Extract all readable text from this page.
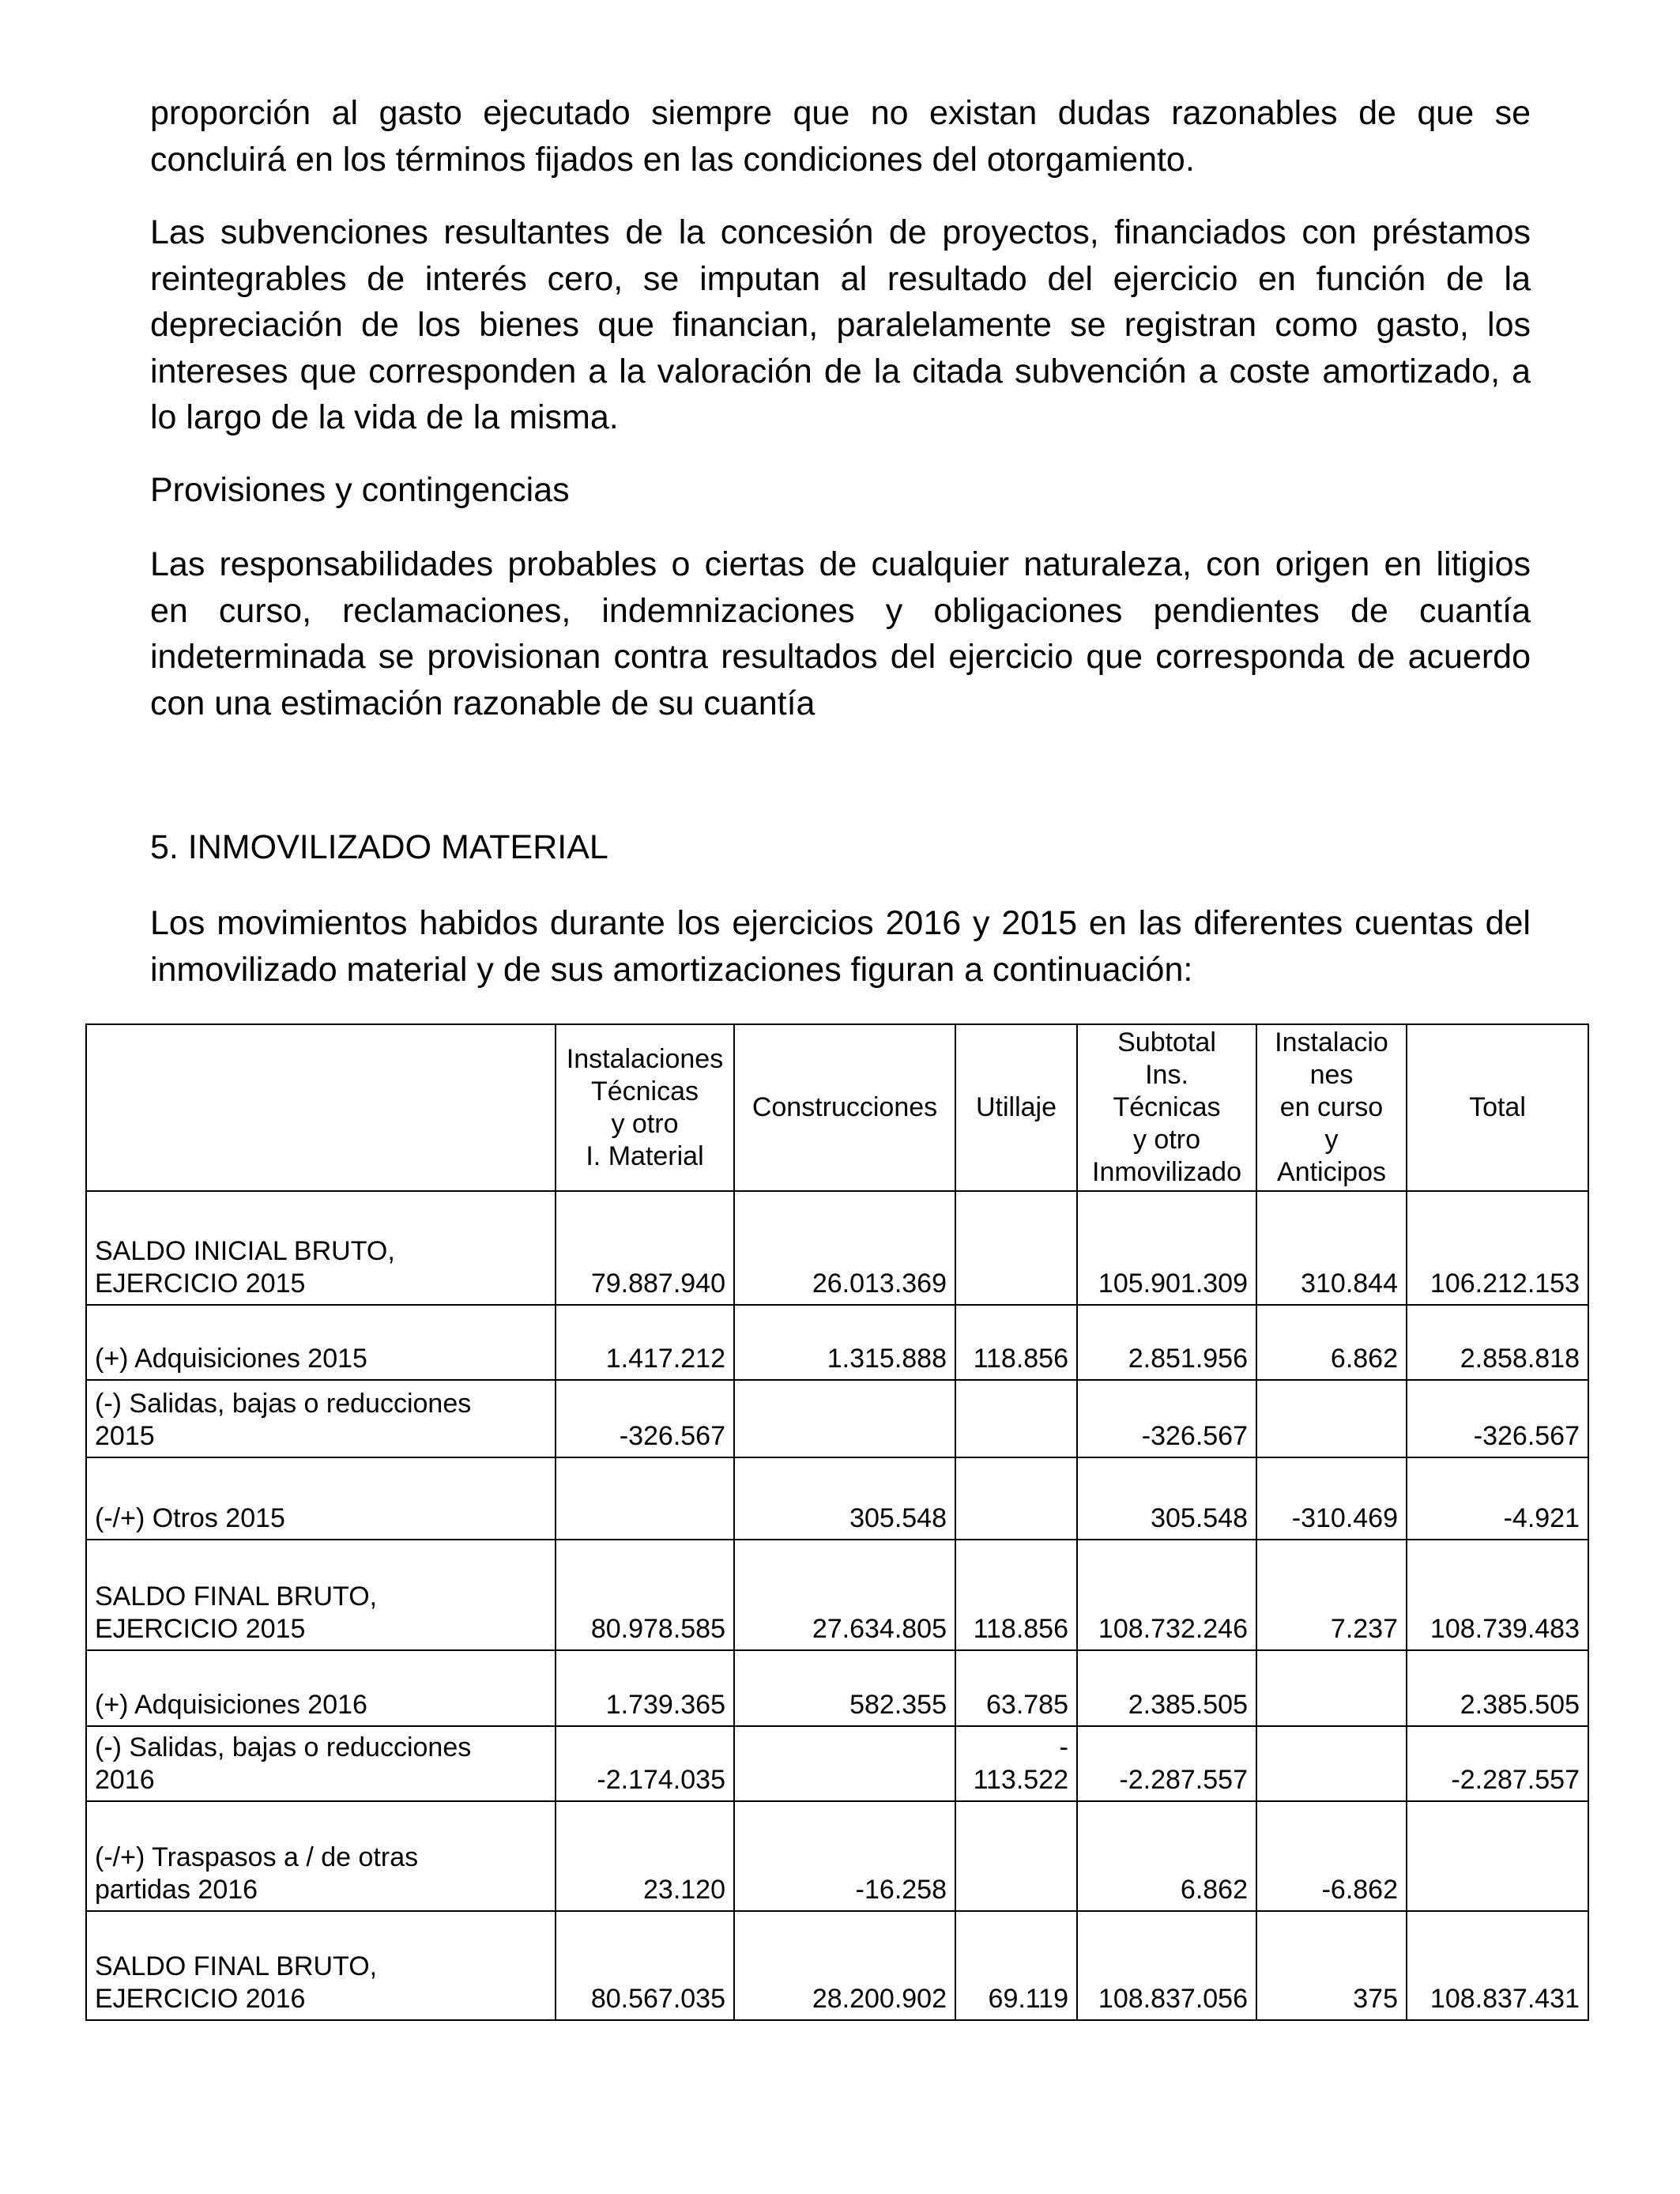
proporción al gasto ejecutado siempre que no existan dudas razonables de que se
concluirá en los términos fijados en las condiciones del otorgamiento.
Las subvenciones resultantes de la concesión de proyectos, financiados con préstamos
reintegrables de interés cero, se imputan al resultado del ejercicio en función de la
depreciación de los bienes que financian, paralelamente se registran como gasto, los
intereses que corresponden a la valoración de la citada subvención a coste amortizado, a
lo largo de la vida de la misma.
Provisiones y contingencias
Las responsabilidades probables o ciertas de cualquier naturaleza, con origen en litigios
en curso, reclamaciones, indemnizaciones y obligaciones pendientes de cuantía
indeterminada se provisionan contra resultados del ejercicio que corresponda de acuerdo
con una estimación razonable de su cuantía
5. INMOVILIZADO MATERIAL
Los movimientos habidos durante los ejercicios 2016 y 2015 en las diferentes cuentas del
inmovilizado material y de sus amortizaciones figuran a continuación:
	Instalaciones
Técnicas
y otro
I. Material	Construcciones	Utillaje	Subtotal
Ins.
Técnicas
y otro
Inmovilizado	Instalacio
nes
en curso
y
Anticipos	Total
SALDO INICIAL BRUTO,
EJERCICIO 2015	79.887.940	26.013.369		105.901.309	310.844	106.212.153
(+) Adquisiciones 2015	1.417.212	1.315.888	118.856	2.851.956	6.862	2.858.818
(-) Salidas, bajas o reducciones
2015	-326.567			-326.567		-326.567
(-/+) Otros 2015		305.548		305.548	-310.469	-4.921
SALDO FINAL BRUTO,
EJERCICIO 2015	80.978.585	27.634.805	118.856	108.732.246	7.237	108.739.483
(+) Adquisiciones 2016	1.739.365	582.355	63.785	2.385.505		2.385.505
(-) Salidas, bajas o reducciones
2016	-2.174.035		-
113.522	-2.287.557		-2.287.557
(-/+) Traspasos a / de otras
partidas 2016	23.120	-16.258		6.862	-6.862	
SALDO FINAL BRUTO,
EJERCICIO 2016	80.567.035	28.200.902	69.119	108.837.056	375	108.837.431
